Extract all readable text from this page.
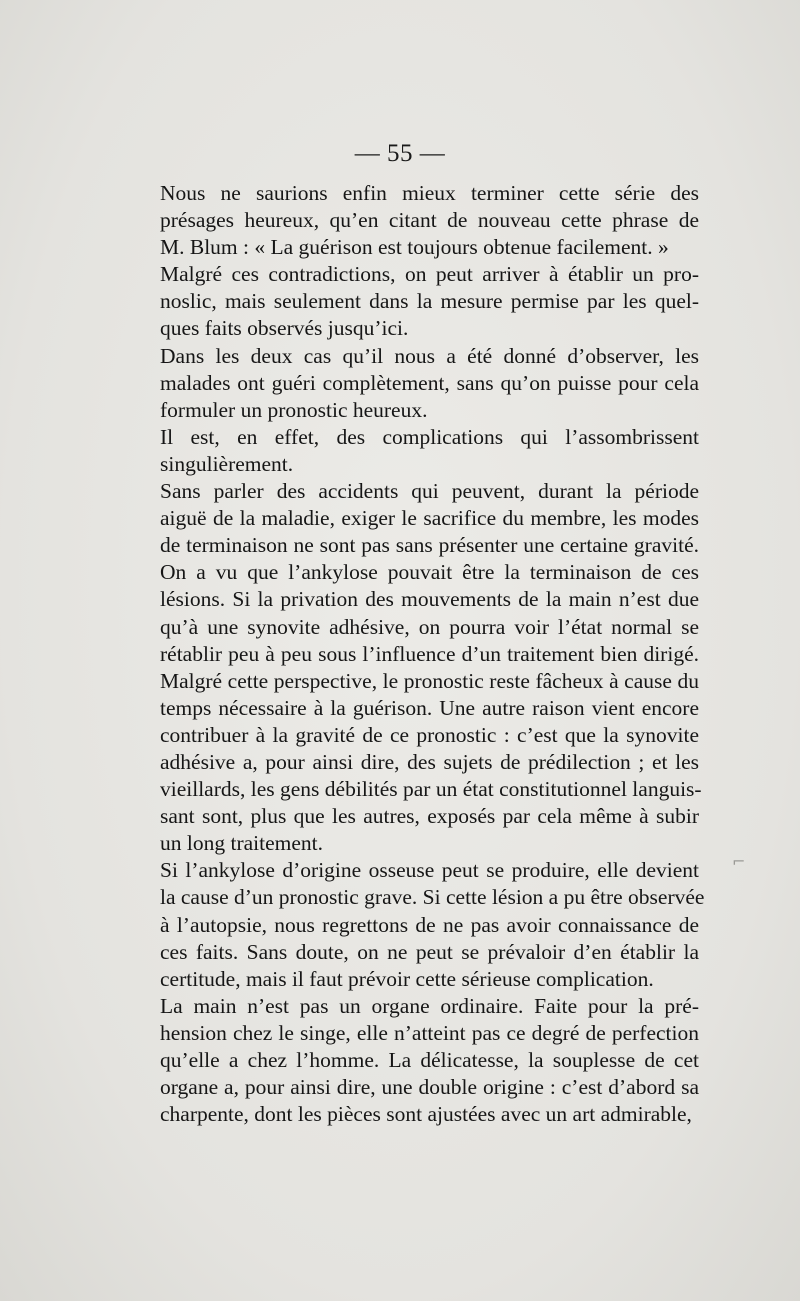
— 55 —
⌐

Nous ne saurions enfin mieux terminer cette série des
présages heureux, qu’en citant de nouveau cette phrase de
M. Blum : « La guérison est toujours obtenue facilement. »

Malgré ces contradictions, on peut arriver à établir un pro-
noslic, mais seulement dans la mesure permise par les quel-
ques faits observés jusqu’ici.

Dans les deux cas qu’il nous a été donné d’observer, les
malades ont guéri complètement, sans qu’on puisse pour cela
formuler un pronostic heureux.

Il est, en effet, des complications qui l’assombrissent
singulièrement.

Sans parler des accidents qui peuvent, durant la période
aiguë de la maladie, exiger le sacrifice du membre, les modes
de terminaison ne sont pas sans présenter une certaine gravité.
On a vu que l’ankylose pouvait être la terminaison de ces
lésions. Si la privation des mouvements de la main n’est due
qu’à une synovite adhésive, on pourra voir l’état normal se
rétablir peu à peu sous l’influence d’un traitement bien dirigé.
Malgré cette perspective, le pronostic reste fâcheux à cause du
temps nécessaire à la guérison. Une autre raison vient encore
contribuer à la gravité de ce pronostic : c’est que la synovite
adhésive a, pour ainsi dire, des sujets de prédilection ; et les
vieillards, les gens débilités par un état constitutionnel languis-
sant sont, plus que les autres, exposés par cela même à subir
un long traitement.

Si l’ankylose d’origine osseuse peut se produire, elle devient
la cause d’un pronostic grave. Si cette lésion a pu être observée
à l’autopsie, nous regrettons de ne pas avoir connaissance de
ces faits. Sans doute, on ne peut se prévaloir d’en établir la
certitude, mais il faut prévoir cette sérieuse complication.

La main n’est pas un organe ordinaire. Faite pour la pré-
hension chez le singe, elle n’atteint pas ce degré de perfection
qu’elle a chez l’homme. La délicatesse, la souplesse de cet
organe a, pour ainsi dire, une double origine : c’est d’abord sa
charpente, dont les pièces sont ajustées avec un art admirable,
